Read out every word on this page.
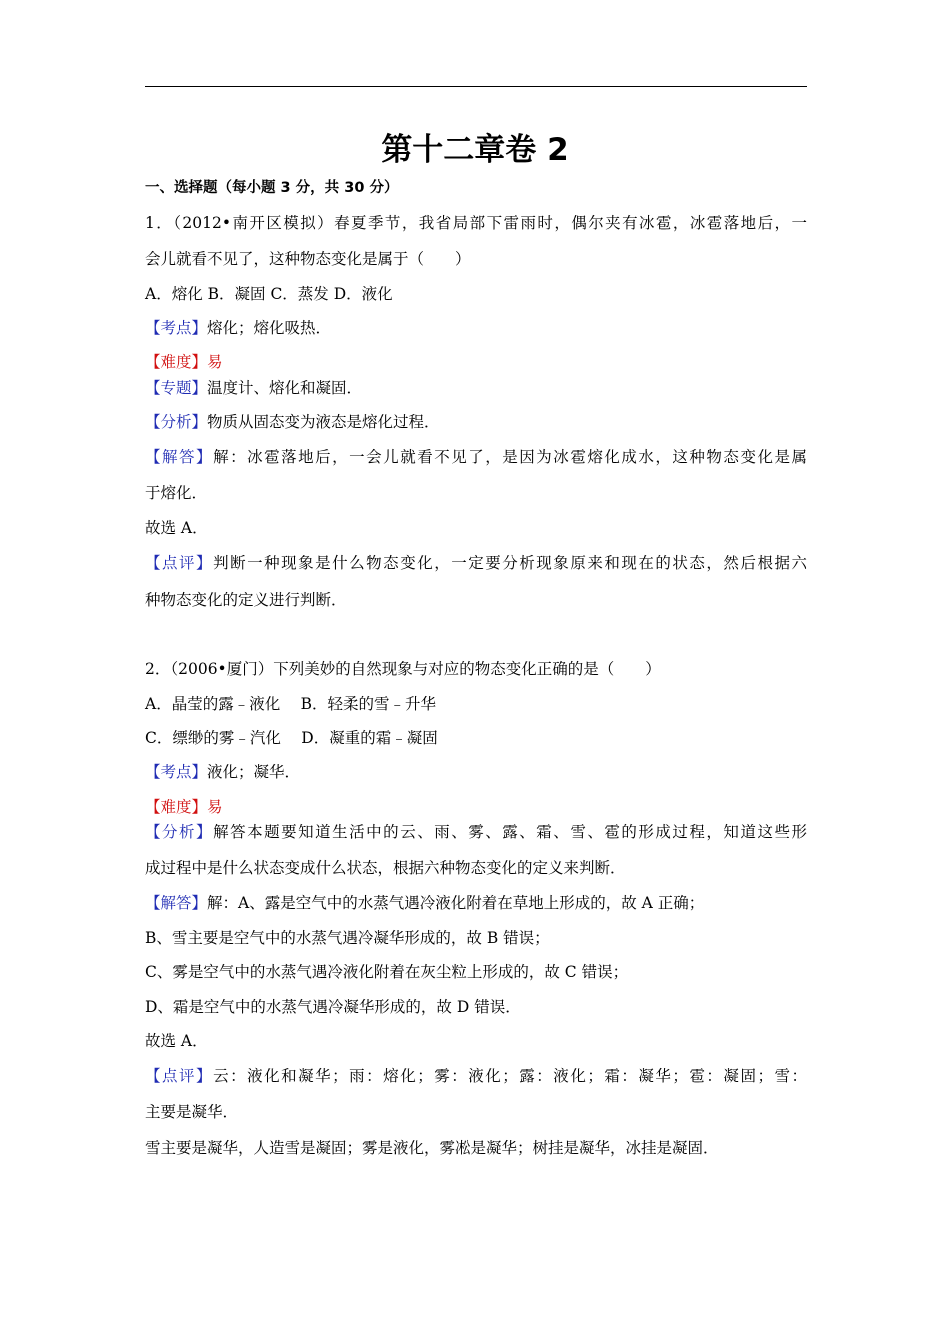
第十二章卷 2
一、选择题（每小题 3 分，共 30 分）
1．（2012•南开区模拟）春夏季节，我省局部下雷雨时，偶尔夹有冰雹，冰雹落地后，一
会儿就看不见了，这种物态变化是属于（　　）
A．熔化 B．凝固 C．蒸发 D．液化
【考点】熔化；熔化吸热．
【难度】易
【专题】温度计、熔化和凝固．
【分析】物质从固态变为液态是熔化过程．
【解答】解：冰雹落地后，一会儿就看不见了，是因为冰雹熔化成水，这种物态变化是属
于熔化．
故选 A．
【点评】判断一种现象是什么物态变化，一定要分析现象原来和现在的状态，然后根据六
种物态变化的定义进行判断．
2．（2006•厦门）下列美妙的自然现象与对应的物态变化正确的是（　　）
A．晶莹的露﹣液化　 B．轻柔的雪﹣升华
C．缥缈的雾﹣汽化　 D．凝重的霜﹣凝固
【考点】液化；凝华．
【难度】易
【分析】解答本题要知道生活中的云、雨、雾、露、霜、雪、雹的形成过程，知道这些形
成过程中是什么状态变成什么状态，根据六种物态变化的定义来判断．
【解答】解：A、露是空气中的水蒸气遇冷液化附着在草地上形成的，故 A 正确；
B、雪主要是空气中的水蒸气遇冷凝华形成的，故 B 错误；
C、雾是空气中的水蒸气遇冷液化附着在灰尘粒上形成的，故 C 错误；
D、霜是空气中的水蒸气遇冷凝华形成的，故 D 错误．
故选 A．
【点评】云：液化和凝华；雨：熔化；雾：液化；露：液化；霜：凝华；雹：凝固；雪：
主要是凝华．
雪主要是凝华，人造雪是凝固；雾是液化，雾凇是凝华；树挂是凝华，冰挂是凝固．
